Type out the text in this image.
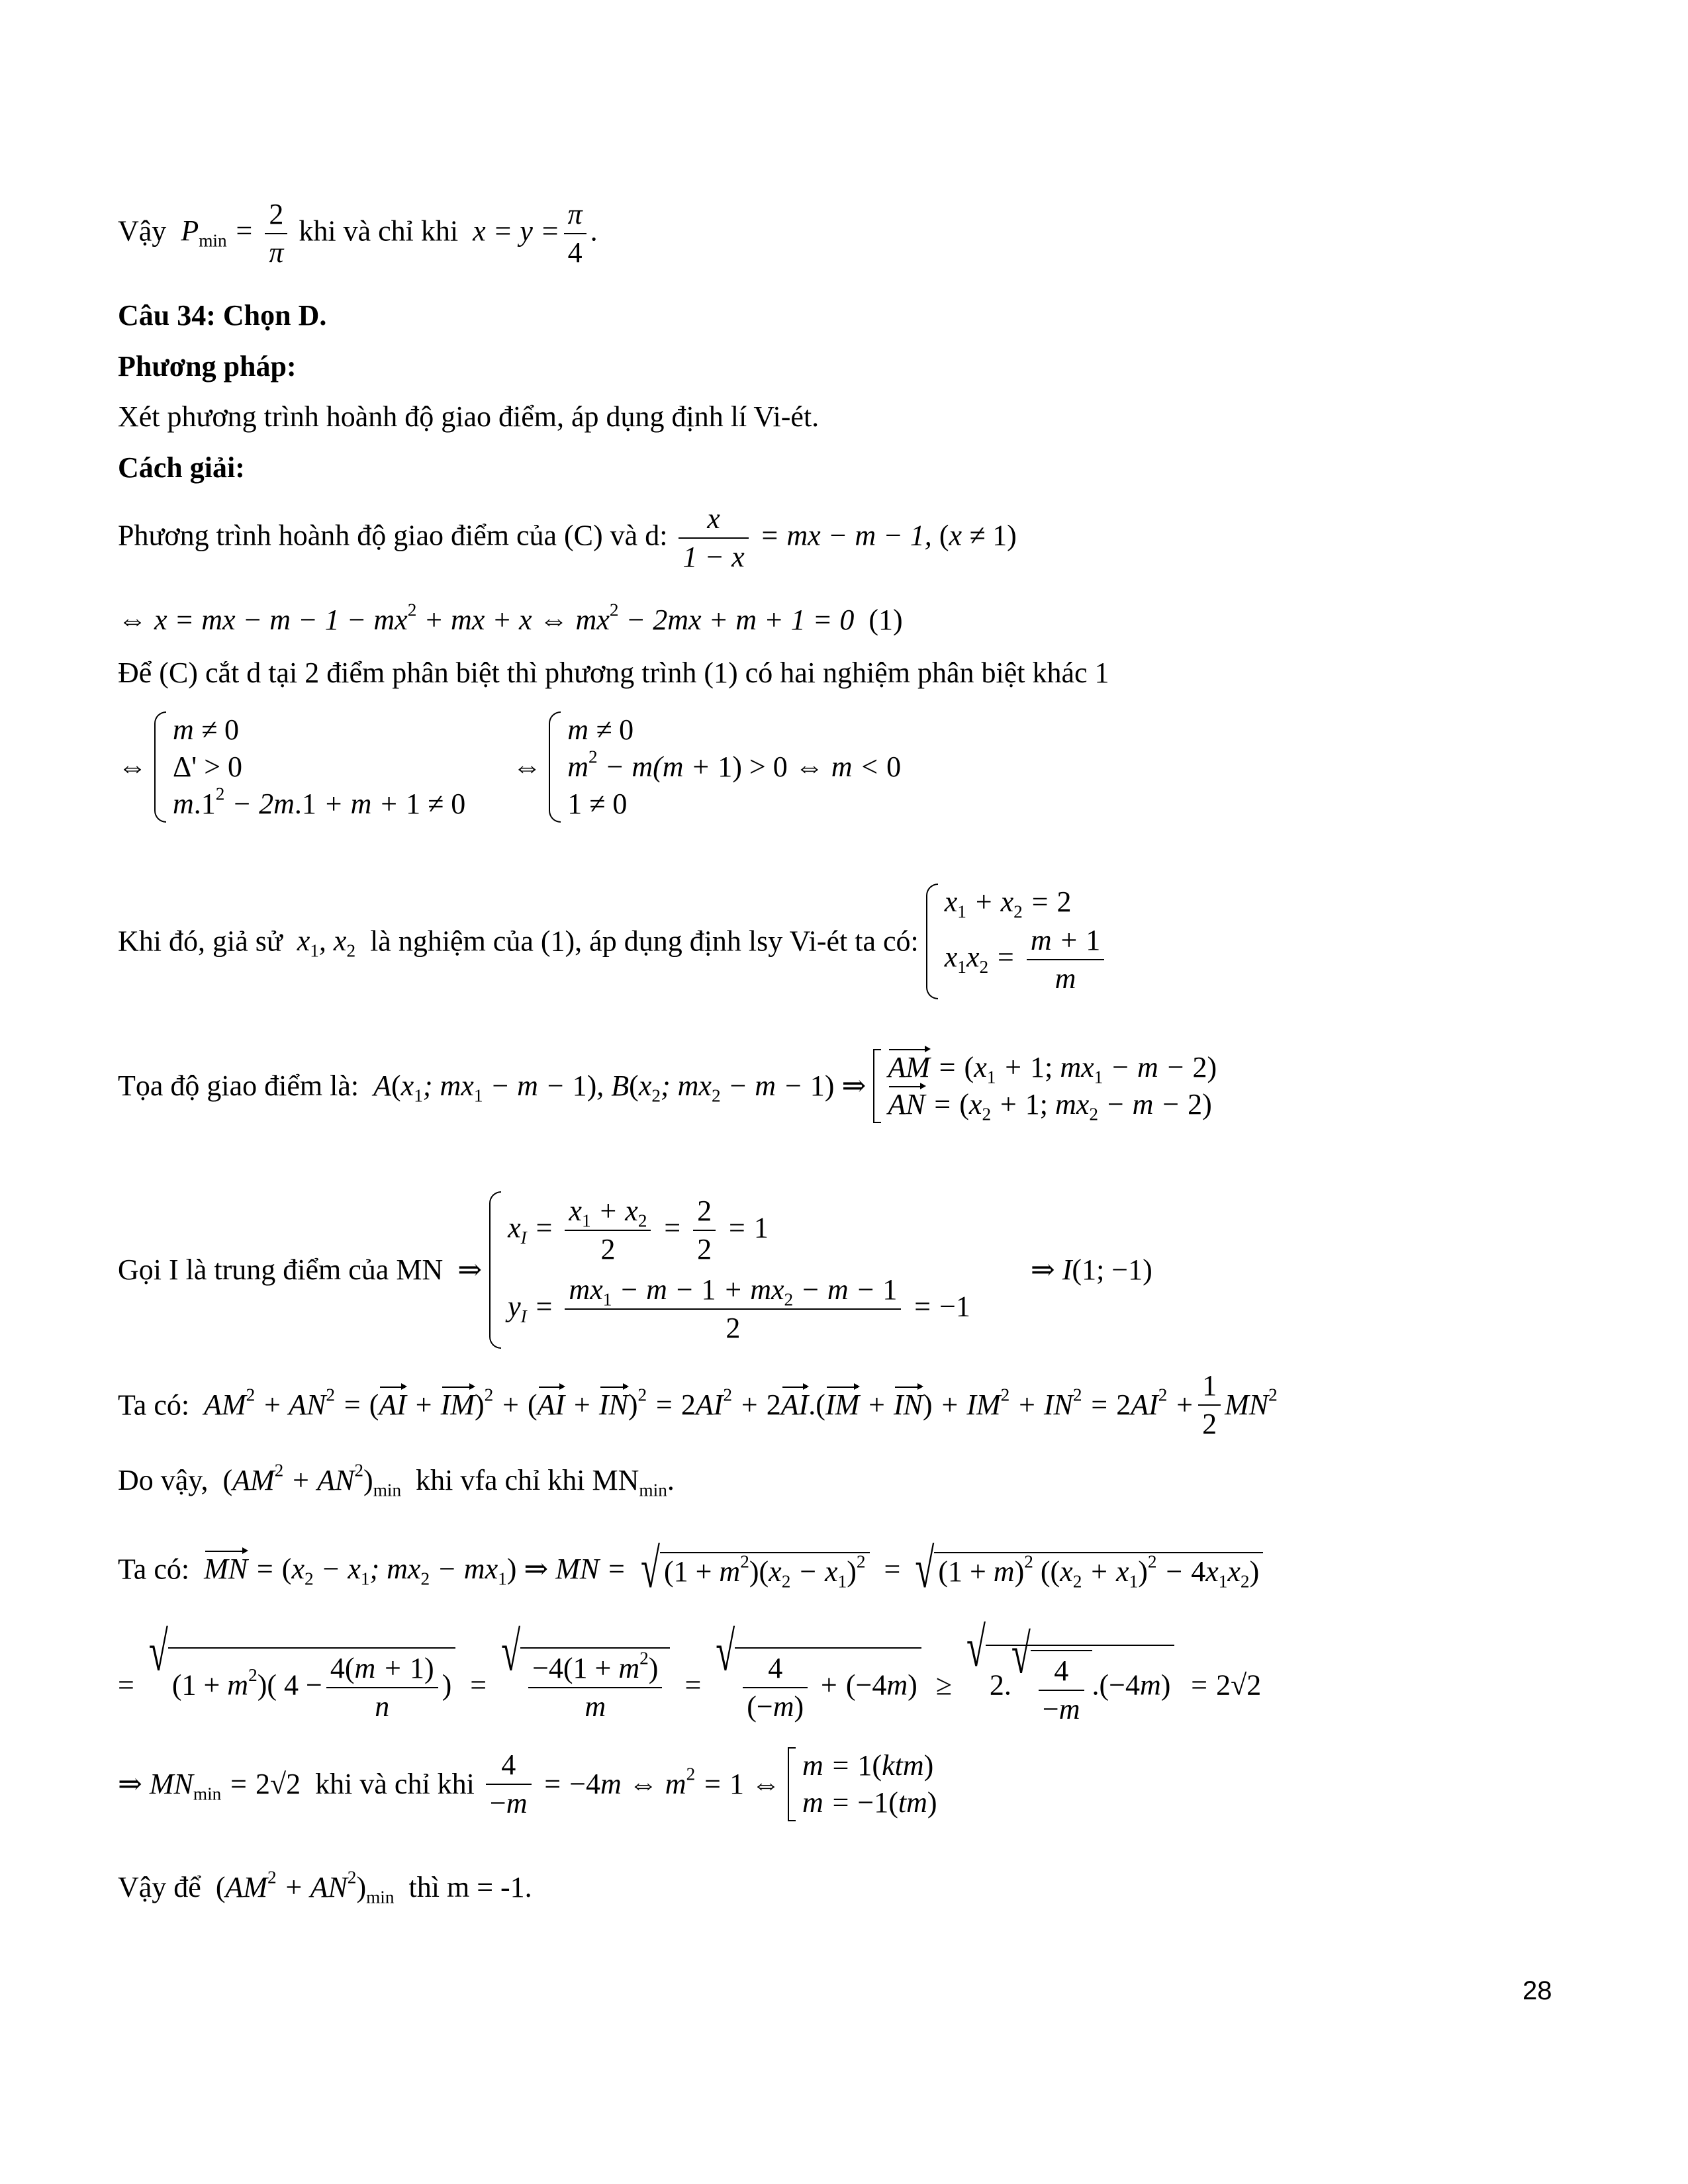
Vậy  $P_{min} = \frac{2}{\pi}$ khi và chỉ khi  $x = y = \frac{\pi}{4}$ .
Câu 34: Chọn D.
Phương pháp:
Xét phương trình hoành độ giao điểm, áp dụng định lí Vi-ét.
Cách giải:
Phương trình hoành độ giao điểm của (C) và d: $\frac{x}{1 - x}$ = mx − m − 1, (x ≠ 1)
⇔ x = mx − $m - 1 - mx^2$ + mx + x ⇔ $mx^2 - 2mx + m + 1 = 0$  (1)
Để (C) cắt d tại 2 điểm phân biệt thì phương trình (1) có hai nghiệm phân biệt khác 1
⇔
m ≠ 0
Δ' > 0
$m.1^2 - 2m.1 + m + 1 \ne 0$
⇔
m ≠ 0
$m^2 - m(m + 1) > 0$ ⇔ m < 0
1 ≠ 0
Khi đó, giả sử  $x_1$, $x_2$ là nghiệm của (1), áp dụng định lsy Vi-ét ta có:
$x_1 + x_2 = 2$
$x_1x_2 = \frac{m + 1}{m}$
Tọa độ giao điểm là:  $A(x_1$; $mx_1 - m - 1$), $B(x_2$; $mx_2 - m - 1$) ⇒
AM = ($x_1 + 1$; $mx_1 - m - 2$)
AN = ($x_2 + 1$; $mx_2 - m - 2$)
Gọi I là trung điểm của MN  ⇒
$x_I = \frac{x_1 + x_2}{2} = \frac{2}{2} = 1$
$y_I = \frac{mx_1 - m - 1 + mx_2 - m - 1}{2} = -1$
⇒ I(1; −1)
Ta có:  $AM^2 + AN^2 = (AI + IM)^2 + (AI + IN)^2 = 2AI^2 + 2AI.(IM + IN) + IM^2 + IN^2 = 2AI^2 + \frac{1}{2} MN^2$
Do vậy, $(AM^2 + AN^2)_{min}$ khi vfa chỉ khi $MN_{min}$.
Ta có: MN = ($x_2 - x_1$; $mx_2 - mx_1$) ⇒ MN = √ $(1 + m^2)(x_2 - x_1)^2$ = √ $(1 + m)^2$ $((x_2 + x_1)^2 - 4x_1x_2)$
=
√
$(1 + m^2)$( $4 - \frac{4(m + 1)}{n}$ ) =
√
$\frac{-4(1 + m^2)}{m}$ =
√
$\frac{4}{(-m)} + (-4m)$ ≥
√
2. √
$\frac{4}{-m} .(-4m) = 2√2$
⇒ $MN_{min} = 2√2$ khi và chỉ khi $\frac{4}{-m} = -4m$ ⇔ $m^2 = 1$ ⇔
m = 1(ktm)
m = −1(tm)
Vậy để $(AM^2 + AN^2)_{min}$ thì m = -1.
28
